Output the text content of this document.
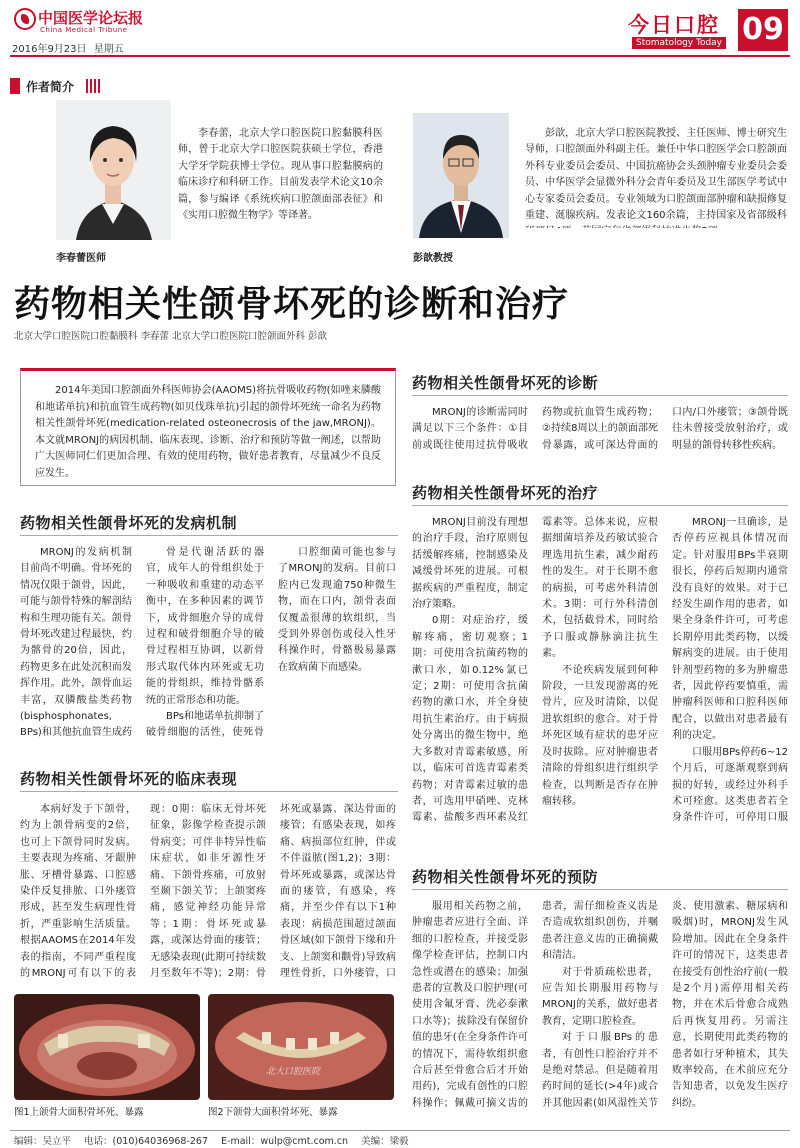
中国医学论坛报
China Medical Tribune
2016年9月23日 星期五
今日口腔
Stomatology Today 09
作者简介
李春蕾医师
李春蕾，北京大学口腔医院口腔黏膜科医师，曾于北京大学口腔医院获硕士学位，香港大学牙学院获博士学位。现从事口腔黏膜病的临床诊疗和科研工作。目前发表学术论文10余篇，参与编译《系统疾病口腔颌面部表征》和《实用口腔微生物学》等译著。
彭歆教授
彭歆，北京大学口腔医院教授、主任医师、博士研究生导师，口腔颌面外科副主任。兼任中华口腔医学会口腔颌面外科专业委员会委员、中国抗癌协会头颈肿瘤专业委员会委员、中华医学会显微外科分会青年委员及卫生部医学考试中心专家委员会委员。专业领域为口腔颌面部肿瘤和缺损修复重建、涎腺疾病。发表论文160余篇，主持国家及省部级科
药物相关性颌骨坏死的诊断和治疗
北京大学口腔医院口腔黏膜科 李春蕾 北京大学口腔医院口腔颌面外科 彭歆
2014年美国口腔颌面外科医师协会(AAOMS)将抗骨吸收药物(如唑来膦酸和地诺单抗)和抗血管生成药物(如贝伐珠单抗)引起的颌骨坏死统一命名为药物相关性颌骨坏死(medication-related osteonecrosis of the jaw,MRONJ)。本文就MRONJ的病因机制、临床表现、诊断、治疗和预防等做一阐述，以帮助广大医师同仁们更加合理、有效的使用药物，做好患者教育，尽量减少不良反应发生。
药物相关性颌骨坏死的发病机制

MRONJ的发病机制目前尚不明确。骨坏死的情况仅限于颌骨，因此，可能与颌骨特殊的解剖结构和生理功能有关。颌骨骨坏死改建过程最快，约为髂骨的20倍，因此，药物更多在此处沉积而发挥作用。此外，颌骨血运丰富，双膦酸盐类药物(bisphosphonates, BPs)和其他抗血管生成药

骨是代谢活跃的器官，成年人的骨组织处于一种吸收和重建的动态平衡中，在多种因素的调节下，成骨细胞介导的成骨过程和破骨细胞介导的破骨过程相互协调，以新骨形式取代体内环死或无功能的骨组织，维持骨骼系统的正常形态和功能。

BPs和地诺单抗抑制了破骨细胞的活性，使死骨

口腔细菌可能也参与了MRONJ的发病。目前口腔内已发现逾750种微生物，而在口内，颌骨表面仅覆盖很薄的软组织，当受到外界创伤或侵入性牙科操作时，骨骼极易暴露在致病菌下而感染。

药物相关性颌骨坏死的临床表现

本病好发于下颌骨，约为上颌骨病变的2倍，也可上下颌骨同时发病。主要表现为疼痛、牙龈肿胀、牙槽骨暴露、口腔感染伴反复排脓、口外瘘管形成，甚至发生病理性骨折，严重影响生活质量。根据AAOMS在2014年发表的指南，不同严重程度的MRONJ可有以下的表现：0期：临床无骨坏死征象，影像学检查提示颌骨病变；可伴非特异性临床症状，如非牙源性牙痛、下颌骨疼痛，可放射至颞下颌关节；上颌窦疼痛，感觉神经功能异常等；1期：骨坏死或暴露，或深达骨面的瘘管；无感染表现(此期可持续数月至数年不等)；2期：骨坏死或暴露、深达骨面的瘘管；有感染表现，如疼痛、病损部位红肿，伴或不伴溢脓(图1,2)；3期：骨坏死或暴露，或深达骨面的瘘管，有感染，疼痛，并至少伴有以下1种表现：病损范围超过颌面骨区域(如下颌骨下缘和升支、上颌窦和颧骨)导致病理性骨折，口外瘘管，口

北大口腔医院
图1上颌骨大面积骨坏死、暴露	图2下颌骨大面积骨坏死、暴露
药物相关性颌骨坏死的诊断

MRONJ的诊断需同时满足以下三个条件：①目前或既往使用过抗骨吸收药物或抗血管生成药物；②持续8周以上的颌面部死骨暴露，或可深达骨面的口内/口外瘘管；③颌骨既往未曾接受放射治疗，或明显的颌骨转移性疾病。

药物相关性颌骨坏死的治疗

MRONJ目前没有理想的治疗手段，治疗原则包括缓解疼痛，控制感染及减缓骨坏死的进展。可根据疾病的严重程度，制定治疗策略。

0期：对症治疗，缓解疼痛，密切观察；1期：可使用含抗菌药物的漱口水，如0.12%氯已定；2期：可使用含抗菌药物的漱口水，并全身使用抗生素治疗。由于病损处分离出的微生物中，绝大多数对青霉素敏感，所以，临床可首选青霉素类药物；对青霉素过敏的患者，可选用甲硝唑、克林霉素、盐酸多西环素及红霉素等。总体来说，应根据细菌培养及药敏试验合理选用抗生素，减少耐药性的发生。对于长期不愈的病损，可考虑外科清创术。3期：可行外科清创术，包括截骨术，同时给予口服或静脉滴注抗生素。

不论疾病发展到何种阶段，一旦发现游离的死骨片，应及时清除，以促进软组织的愈合。对于骨坏死区域有症状的患牙应及时拔除。应对肿瘤患者清除的骨组织进行组织学检查，以判断是否存在肿瘤转移。

MRONJ一旦确诊，是否停药应视具体情况而定。针对服用BPs半衰期很长，停药后短期内通常没有良好的效果。对于已经发生副作用的患者，如果全身条件许可，可考虑长期停用此类药物，以缓解病变的进展。由于使用针剂型药物的多为肿瘤患者，因此停药要慎重，需肿瘤科医师和口腔科医师配合，以做出对患者最有利的决定。

口服用BPs停药6~12个月后，可逐渐观察到病损的好转，或经过外科手术可痊愈。这类患者若全身条件许可，可停用口服

药物相关性颌骨坏死的预防

服用相关药物之前，肿瘤患者应进行全面、详细的口腔检查，并接受影像学检查评估，控制口内急性或潜在的感染；加强患者的宣教及口腔护理(可使用含氟牙膏、洗必泰漱口水等)；拔除没有保留价值的患牙(在全身条件许可的情况下，需待软组织愈合后甚至骨愈合后才开始用药)，完成有创性的口腔科操作；佩戴可摘义齿的患者，需仔细检查义齿是否造成软组织创伤，并嘱患者注意义齿的正确摘戴和清洁。

对于骨质疏松患者，应告知长期服用药物与MRONJ的关系，做好患者教育，定期口腔检查。

对于口服BPs的患者，有创性口腔治疗并不是绝对禁忌。但是随着用药时间的延长(>4年)或合并其他因素(如风湿性关节炎、使用激素、糖尿病和吸烟)时，MRONJ发生风险增加。因此在全身条件许可的情况下，这类患者在接受有创性治疗前(一般是2个月)需停用相关药物，并在术后骨愈合成熟后再恢复用药。另需注意，长期使用此类药物的患者如行牙种植术，其失败率较高，在术前应充分告知患者，以免发生医疗纠纷。

编辑：吴立平 电话：(010)64036968-267 E-mail：wulp@cmt.com.cn 美编：梁毅
